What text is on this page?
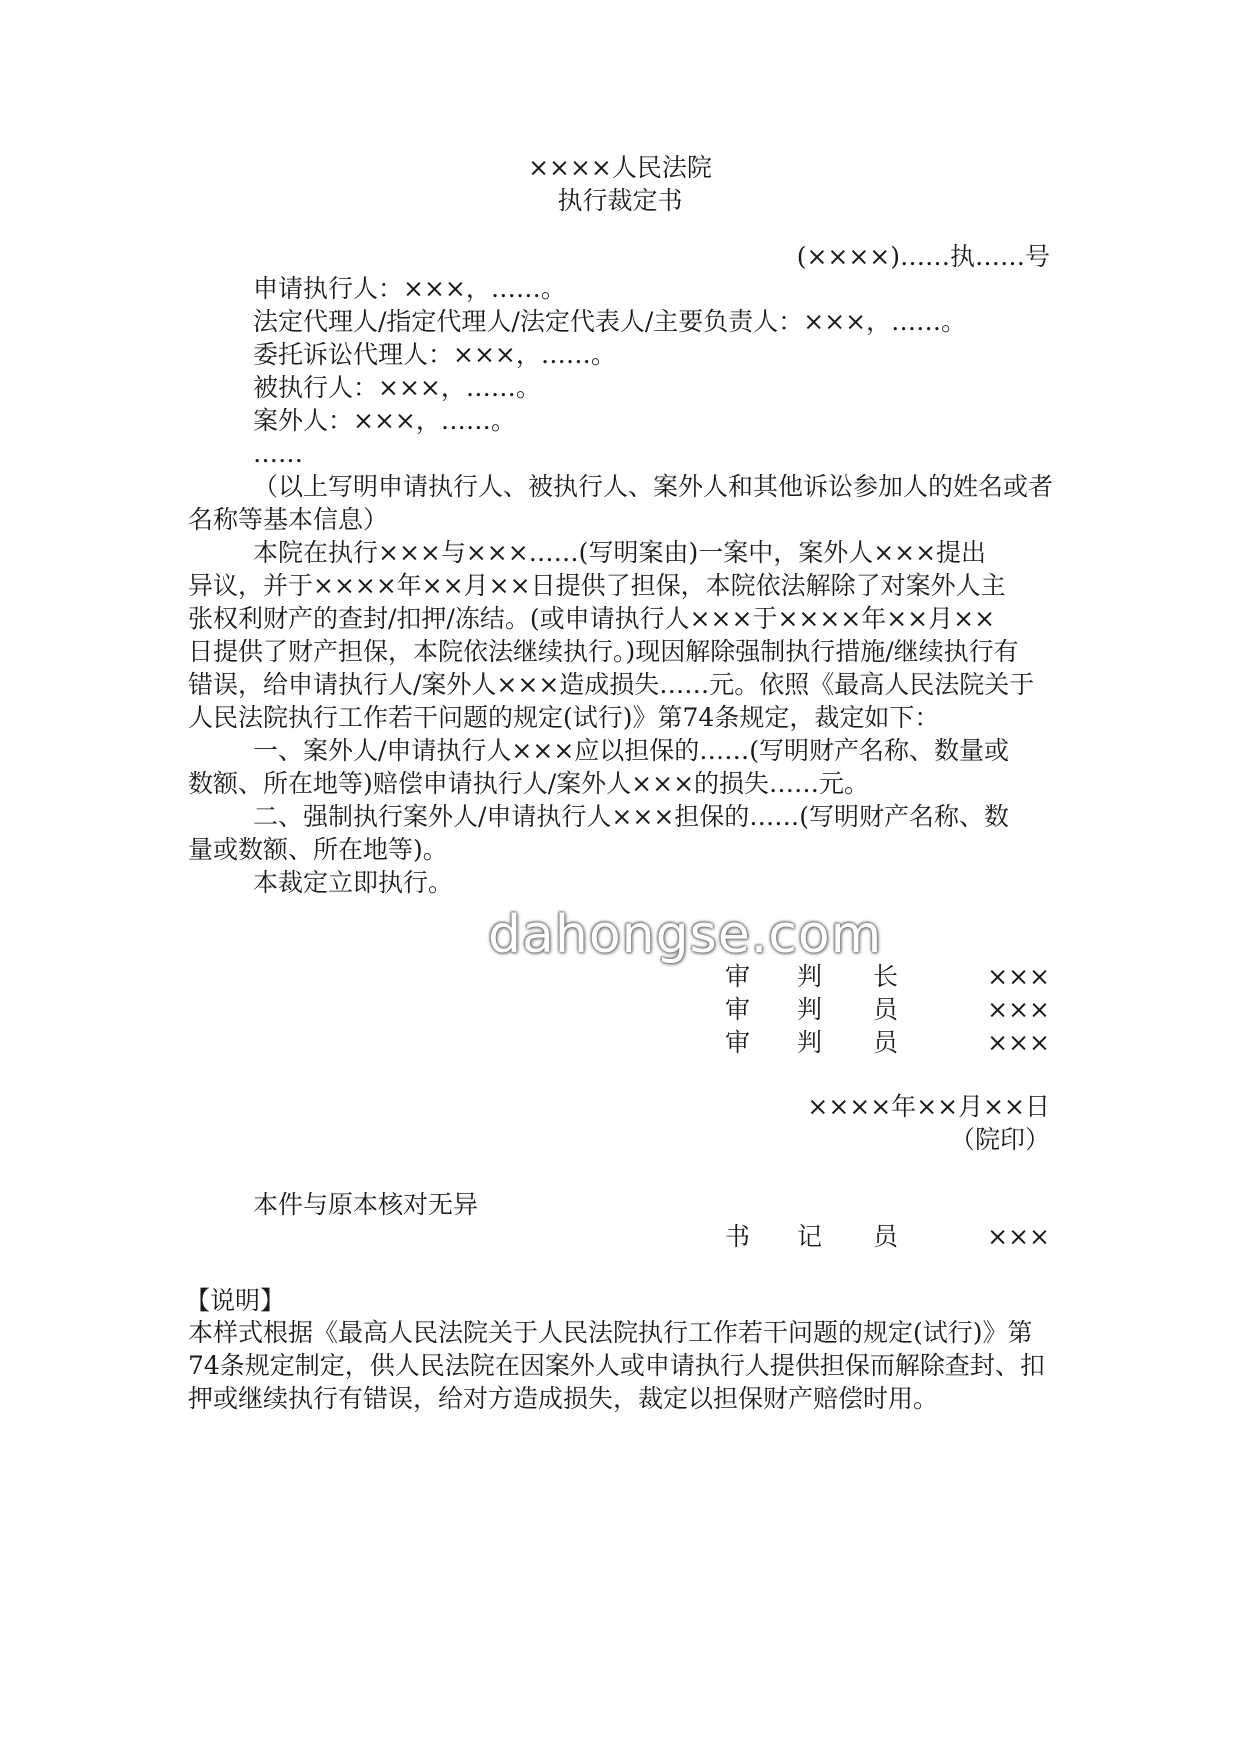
××××人民法院
执行裁定书
(××××)……执……号
申请执行人：×××，……。
法定代理人/指定代理人/法定代表人/主要负责人：×××，……。
委托诉讼代理人：×××，……。
被执行人：×××，……。
案外人：×××，……。
……
（以上写明申请执行人、被执行人、案外人和其他诉讼参加人的姓名或者
名称等基本信息）
本院在执行×××与×××……(写明案由)一案中，案外人×××提出
异议，并于××××年××月××日提供了担保，本院依法解除了对案外人主
张权利财产的查封/扣押/冻结。(或申请执行人×××于××××年××月××
日提供了财产担保，本院依法继续执行。)现因解除强制执行措施/继续执行有
错误，给申请执行人/案外人×××造成损失……元。依照《最高人民法院关于
人民法院执行工作若干问题的规定(试行)》第74条规定，裁定如下：
一、案外人/申请执行人×××应以担保的……(写明财产名称、数量或
数额、所在地等)赔偿申请执行人/案外人×××的损失……元。
二、强制执行案外人/申请执行人×××担保的……(写明财产名称、数
量或数额、所在地等)。
本裁定立即执行。
dahongse.com
审 判 长	×××
审 判 员	×××
审 判 员	×××
××××年××月××日
（院印）
本件与原本核对无异
书 记 员	×××
【说明】
本样式根据《最高人民法院关于人民法院执行工作若干问题的规定(试行)》第
74条规定制定，供人民法院在因案外人或申请执行人提供担保而解除查封、扣
押或继续执行有错误，给对方造成损失，裁定以担保财产赔偿时用。
